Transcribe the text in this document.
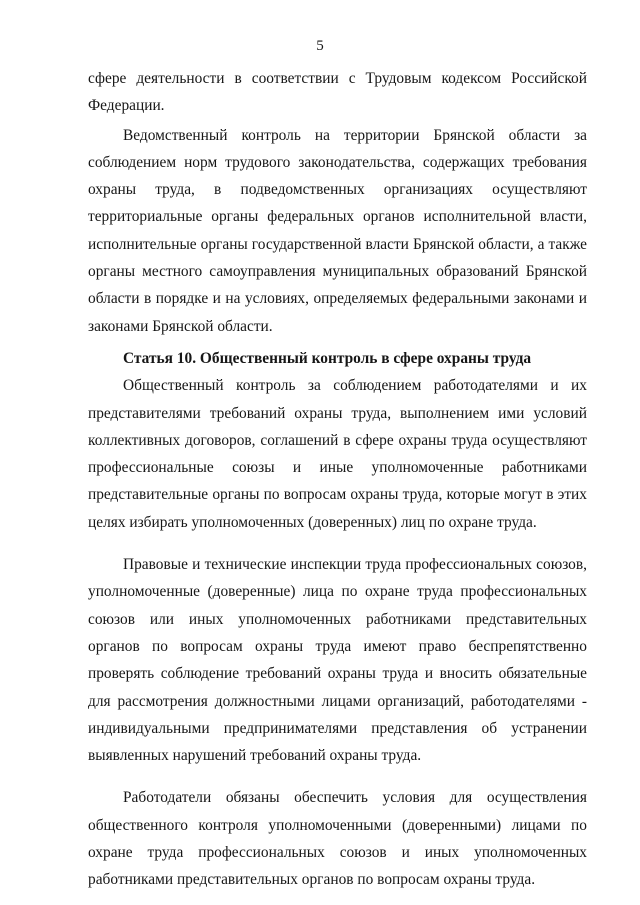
5

сфере деятельности в соответствии с Трудовым кодексом Российской Федерации.

Ведомственный контроль на территории Брянской области за соблюдением норм трудового законодательства, содержащих требования охраны труда, в подведомственных организациях осуществляют территориальные органы федеральных органов исполнительной власти, исполнительные органы государственной власти Брянской области, а также органы местного самоуправления муниципальных образований Брянской области в порядке и на условиях, определяемых федеральными законами и законами Брянской области.

Статья 10. Общественный контроль в сфере охраны труда

Общественный контроль за соблюдением работодателями и их представителями требований охраны труда, выполнением ими условий коллективных договоров, соглашений в сфере охраны труда осуществляют профессиональные союзы и иные уполномоченные работниками представительные органы по вопросам охраны труда, которые могут в этих целях избирать уполномоченных (доверенных) лиц по охране труда.

Правовые и технические инспекции труда профессиональных союзов, уполномоченные (доверенные) лица по охране труда профессиональных союзов или иных уполномоченных работниками представительных органов по вопросам охраны труда имеют право беспрепятственно проверять соблюдение требований охраны труда и вносить обязательные для рассмотрения должностными лицами организаций, работодателями - индивидуальными предпринимателями представления об устранении выявленных нарушений требований охраны труда.

Работодатели обязаны обеспечить условия для осуществления общественного контроля уполномоченными (доверенными) лицами по охране труда профессиональных союзов и иных уполномоченных работниками представительных органов по вопросам охраны труда.
